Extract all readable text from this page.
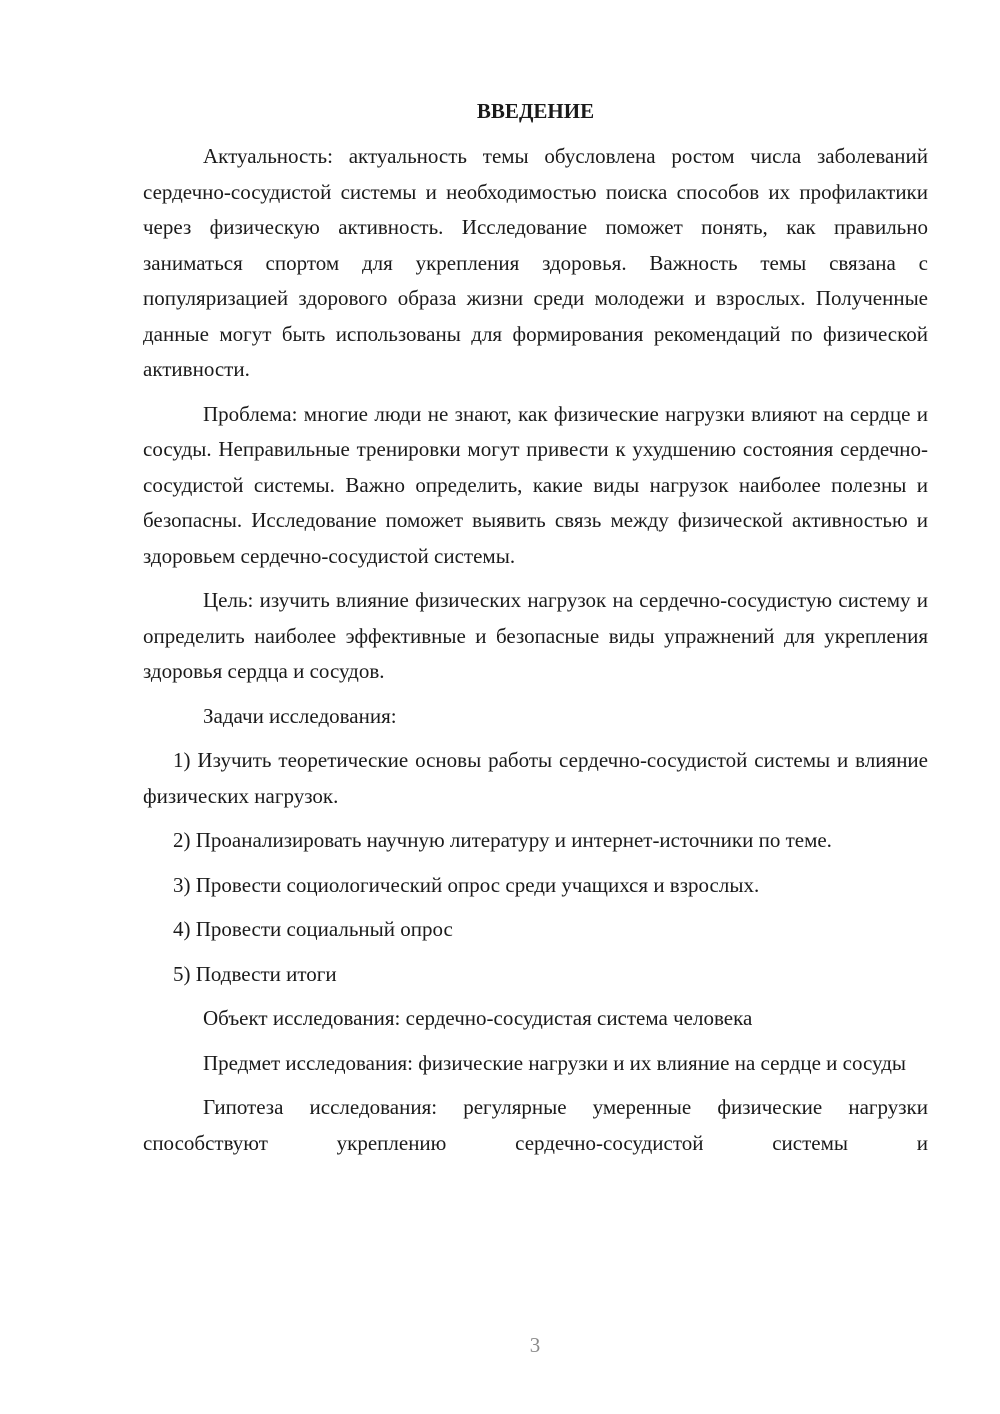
ВВЕДЕНИЕ

Актуальность: актуальность темы обусловлена ростом числа заболеваний сердечно-сосудистой системы и необходимостью поиска способов их профилактики через физическую активность. Исследование поможет понять, как правильно заниматься спортом для укрепления здоровья. Важность темы связана с популяризацией здорового образа жизни среди молодежи и взрослых. Полученные данные могут быть использованы для формирования рекомендаций по физической активности.

Проблема: многие люди не знают, как физические нагрузки влияют на сердце и сосуды. Неправильные тренировки могут привести к ухудшению состояния сердечно-сосудистой системы. Важно определить, какие виды нагрузок наиболее полезны и безопасны. Исследование поможет выявить связь между физической активностью и здоровьем сердечно-сосудистой системы.

Цель: изучить влияние физических нагрузок на сердечно-сосудистую систему и определить наиболее эффективные и безопасные виды упражнений для укрепления здоровья сердца и сосудов.

Задачи исследования:

1) Изучить теоретические основы работы сердечно-сосудистой системы и влияние физических нагрузок.

2) Проанализировать научную литературу и интернет-источники по теме.

3) Провести социологический опрос среди учащихся и взрослых.

4) Провести социальный опрос

5) Подвести итоги

Объект исследования: сердечно-сосудистая система человека

Предмет исследования: физические нагрузки и их влияние на сердце и сосуды

Гипотеза исследования: регулярные умеренные физические нагрузки способствуют укреплению сердечно-сосудистой системы и

3
